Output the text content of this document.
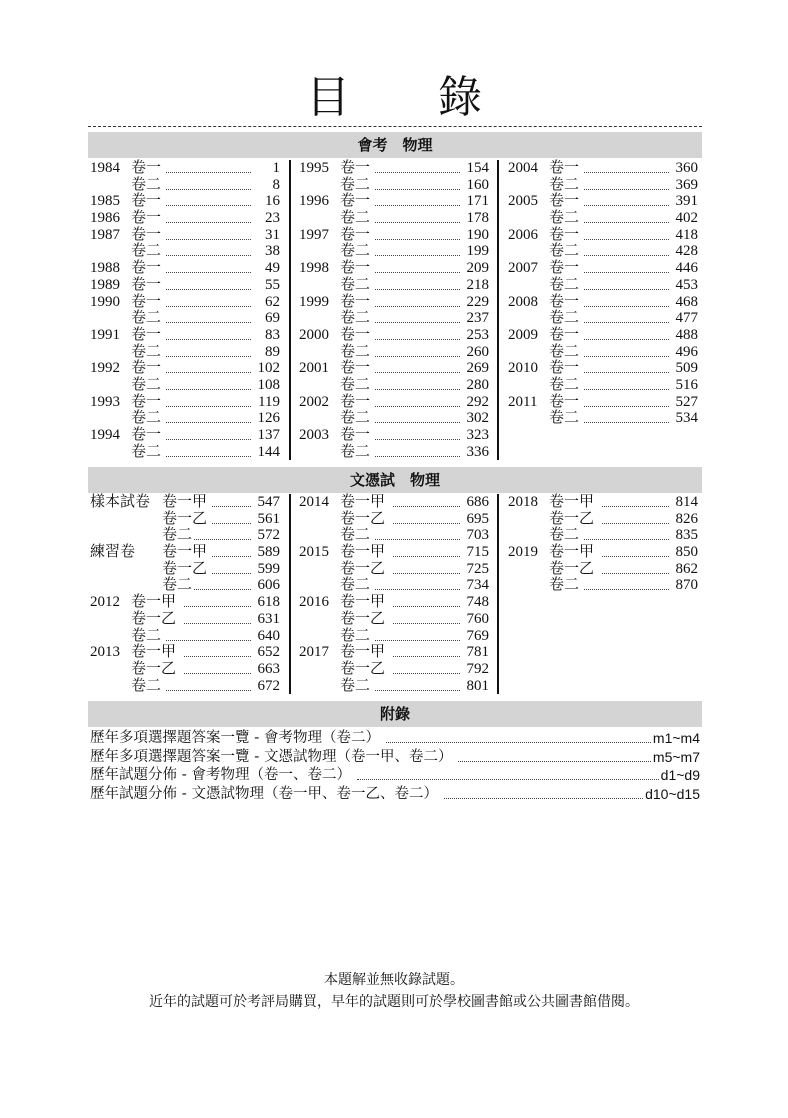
目　　錄
會考　物理
1984 卷一	1
卷二	8
1985 卷一	16
1986 卷一	23
1987 卷一	31
卷二	38
1988 卷一	49
1989 卷一	55
1990 卷一	62
卷二	69
1991 卷一	83
卷二	89
1992 卷一	102
卷二	108
1993 卷一	119
卷二	126
1994 卷一	137
卷二	144
1995 卷一	154
卷二	160
1996 卷一	171
卷二	178
1997 卷一	190
卷二	199
1998 卷一	209
卷二	218
1999 卷一	229
卷二	237
2000 卷一	253
卷二	260
2001 卷一	269
卷二	280
2002 卷一	292
卷二	302
2003 卷一	323
卷二	336
2004 卷一	360
卷二	369
2005 卷一	391
卷二	402
2006 卷一	418
卷二	428
2007 卷一	446
卷二	453
2008 卷一	468
卷二	477
2009 卷一	488
卷二	496
2010 卷一	509
卷二	516
2011 卷一	527
卷二	534
文憑試　物理
樣本試卷 卷一甲	547
卷一乙	561
卷二	572
練習卷 卷一甲	589
卷一乙	599
卷二	606
2012 卷一甲	618
卷一乙	631
卷二	640
2013 卷一甲	652
卷一乙	663
卷二	672
2014 卷一甲	686
卷一乙	695
卷二	703
2015 卷一甲	715
卷一乙	725
卷二	734
2016 卷一甲	748
卷一乙	760
卷二	769
2017 卷一甲	781
卷一乙	792
卷二	801
2018 卷一甲	814
卷一乙	826
卷二	835
2019 卷一甲	850
卷一乙	862
卷二	870
附錄
歷年多項選擇題答案一覽 - 會考物理（卷二）	m1~m4
歷年多項選擇題答案一覽 - 文憑試物理（卷一甲、卷二）	m5~m7
歷年試題分佈 - 會考物理（卷一、卷二）	d1~d9
歷年試題分佈 - 文憑試物理（卷一甲、卷一乙、卷二）	d10~d15
本題解並無收錄試題。
近年的試題可於考評局購買，早年的試題則可於學校圖書館或公共圖書館借閱。
